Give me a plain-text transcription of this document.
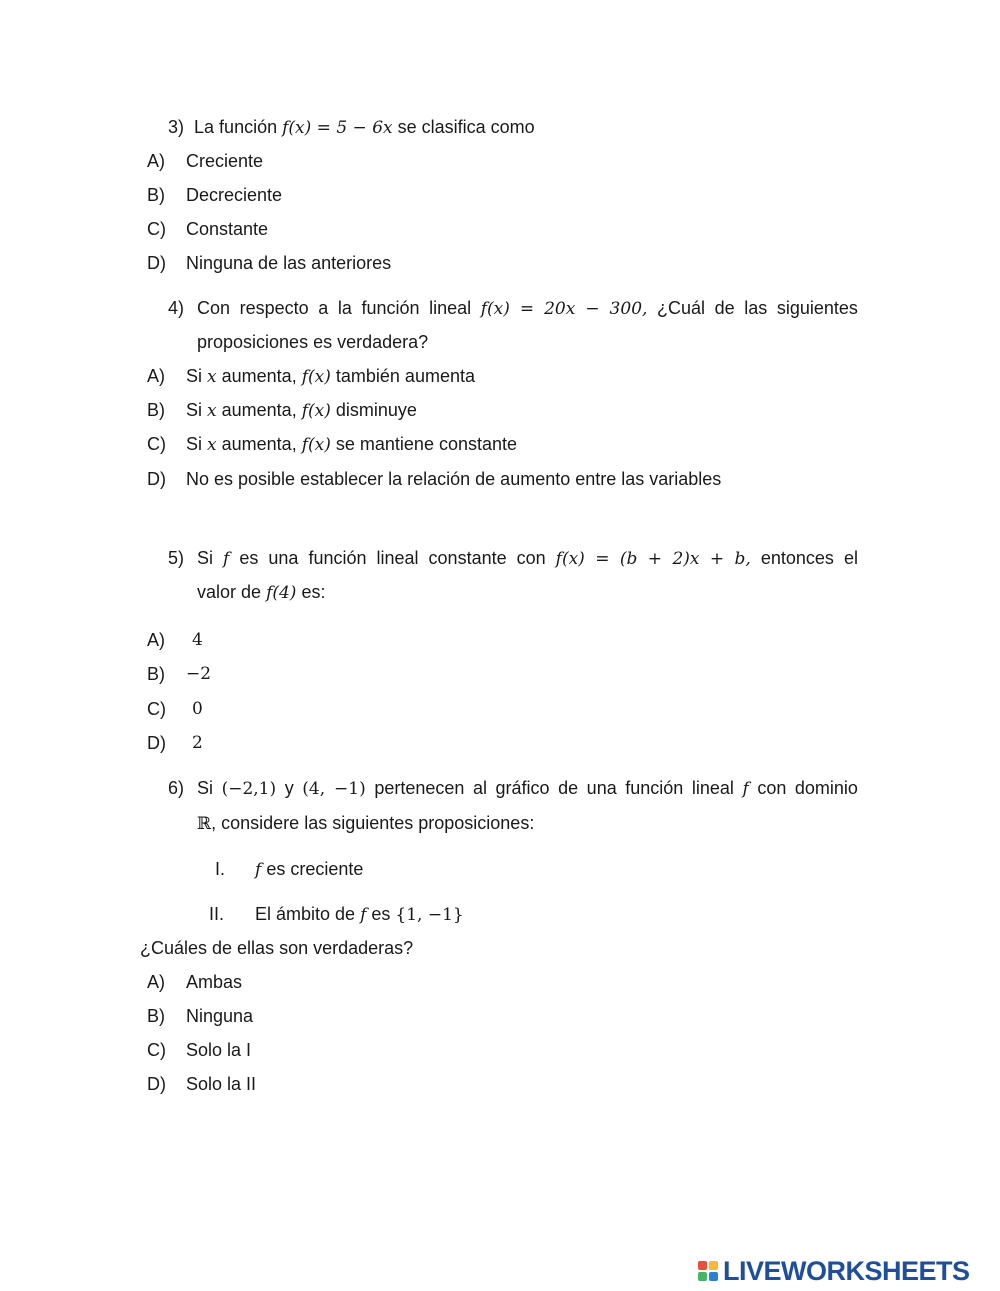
3) La función f(x) = 5 − 6x se clasifica como
A) Creciente
B) Decreciente
C) Constante
D) Ninguna de las anteriores
4) Con respecto a la función lineal f(x) = 20x − 300, ¿Cuál de las siguientes
proposiciones es verdadera?
A) Si x aumenta, f(x) también aumenta
B) Si x aumenta, f(x) disminuye
C) Si x aumenta, f(x) se mantiene constante
D) No es posible establecer la relación de aumento entre las variables
5) Si f es una función lineal constante con f(x) = (b + 2)x + b, entonces el
valor de f(4) es:
A) 4
B) −2
C) 0
D) 2
6) Si (−2,1) y (4, −1) pertenecen al gráfico de una función lineal f con dominio
ℝ, considere las siguientes proposiciones:
I. f es creciente
II. El ámbito de f es {1, −1}
¿Cuáles de ellas son verdaderas?
A) Ambas
B) Ninguna
C) Solo la I
D) Solo la II
LIVEWORKSHEETS
